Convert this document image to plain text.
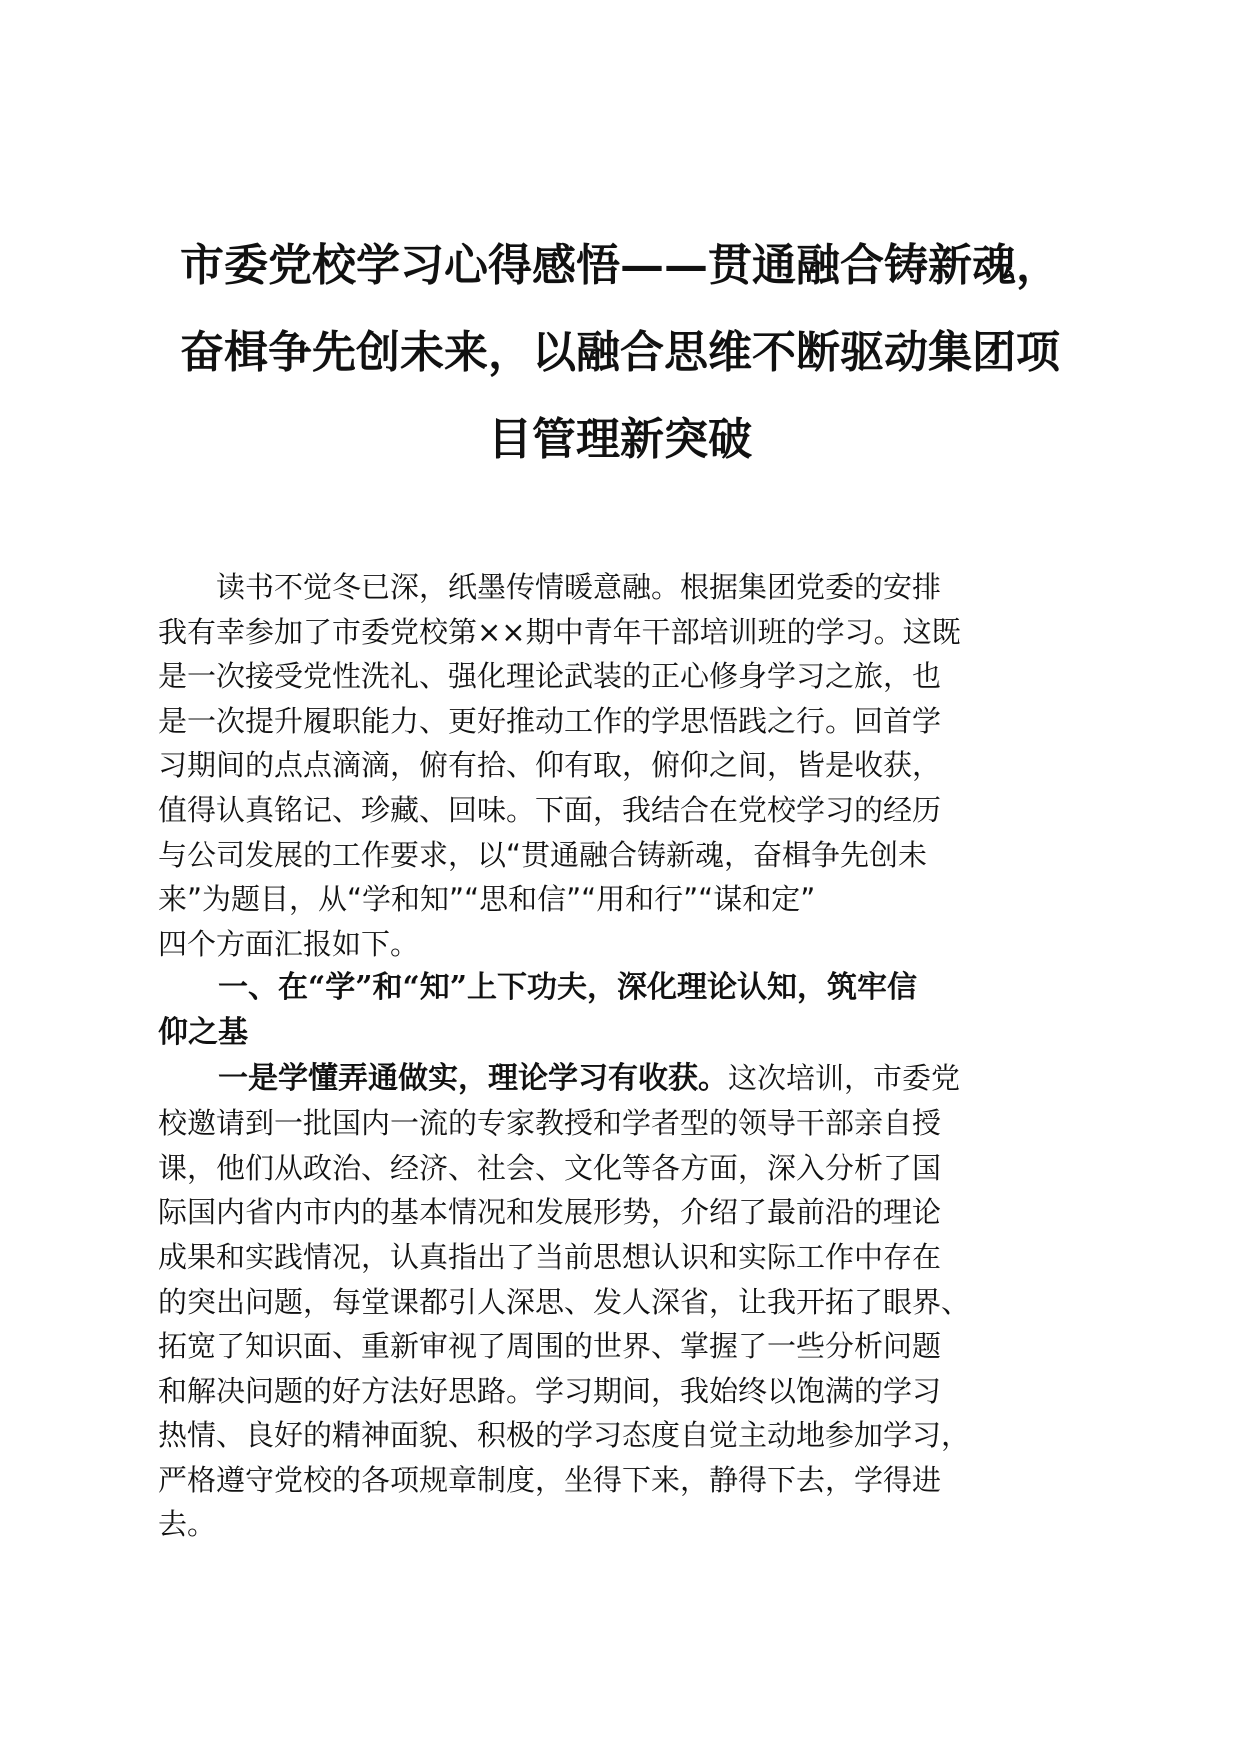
市委党校学习心得感悟——贯通融合铸新魂，
奋楫争先创未来，以融合思维不断驱动集团项
目管理新突破

　　读书不觉冬已深，纸墨传情暖意融。根据集团党委的安排

我有幸参加了市委党校第××期中青年干部培训班的学习。这既

是一次接受党性洗礼、强化理论武装的正心修身学习之旅，也

是一次提升履职能力、更好推动工作的学思悟践之行。回首学

习期间的点点滴滴，俯有拾、仰有取，俯仰之间，皆是收获，

值得认真铭记、珍藏、回味。下面，我结合在党校学习的经历

与公司发展的工作要求，以“贯通融合铸新魂，奋楫争先创未

来”为题目，从“学和知”“思和信”“用和行”“谋和定”

四个方面汇报如下。

　　一、在“学”和“知”上下功夫，深化理论认知，筑牢信

仰之基

　　一是学懂弄通做实，理论学习有收获。这次培训，市委党

校邀请到一批国内一流的专家教授和学者型的领导干部亲自授

课，他们从政治、经济、社会、文化等各方面，深入分析了国

际国内省内市内的基本情况和发展形势，介绍了最前沿的理论

成果和实践情况，认真指出了当前思想认识和实际工作中存在

的突出问题，每堂课都引人深思、发人深省，让我开拓了眼界、

拓宽了知识面、重新审视了周围的世界、掌握了一些分析问题

和解决问题的好方法好思路。学习期间，我始终以饱满的学习

热情、良好的精神面貌、积极的学习态度自觉主动地参加学习，

严格遵守党校的各项规章制度，坐得下来，静得下去，学得进

去。
